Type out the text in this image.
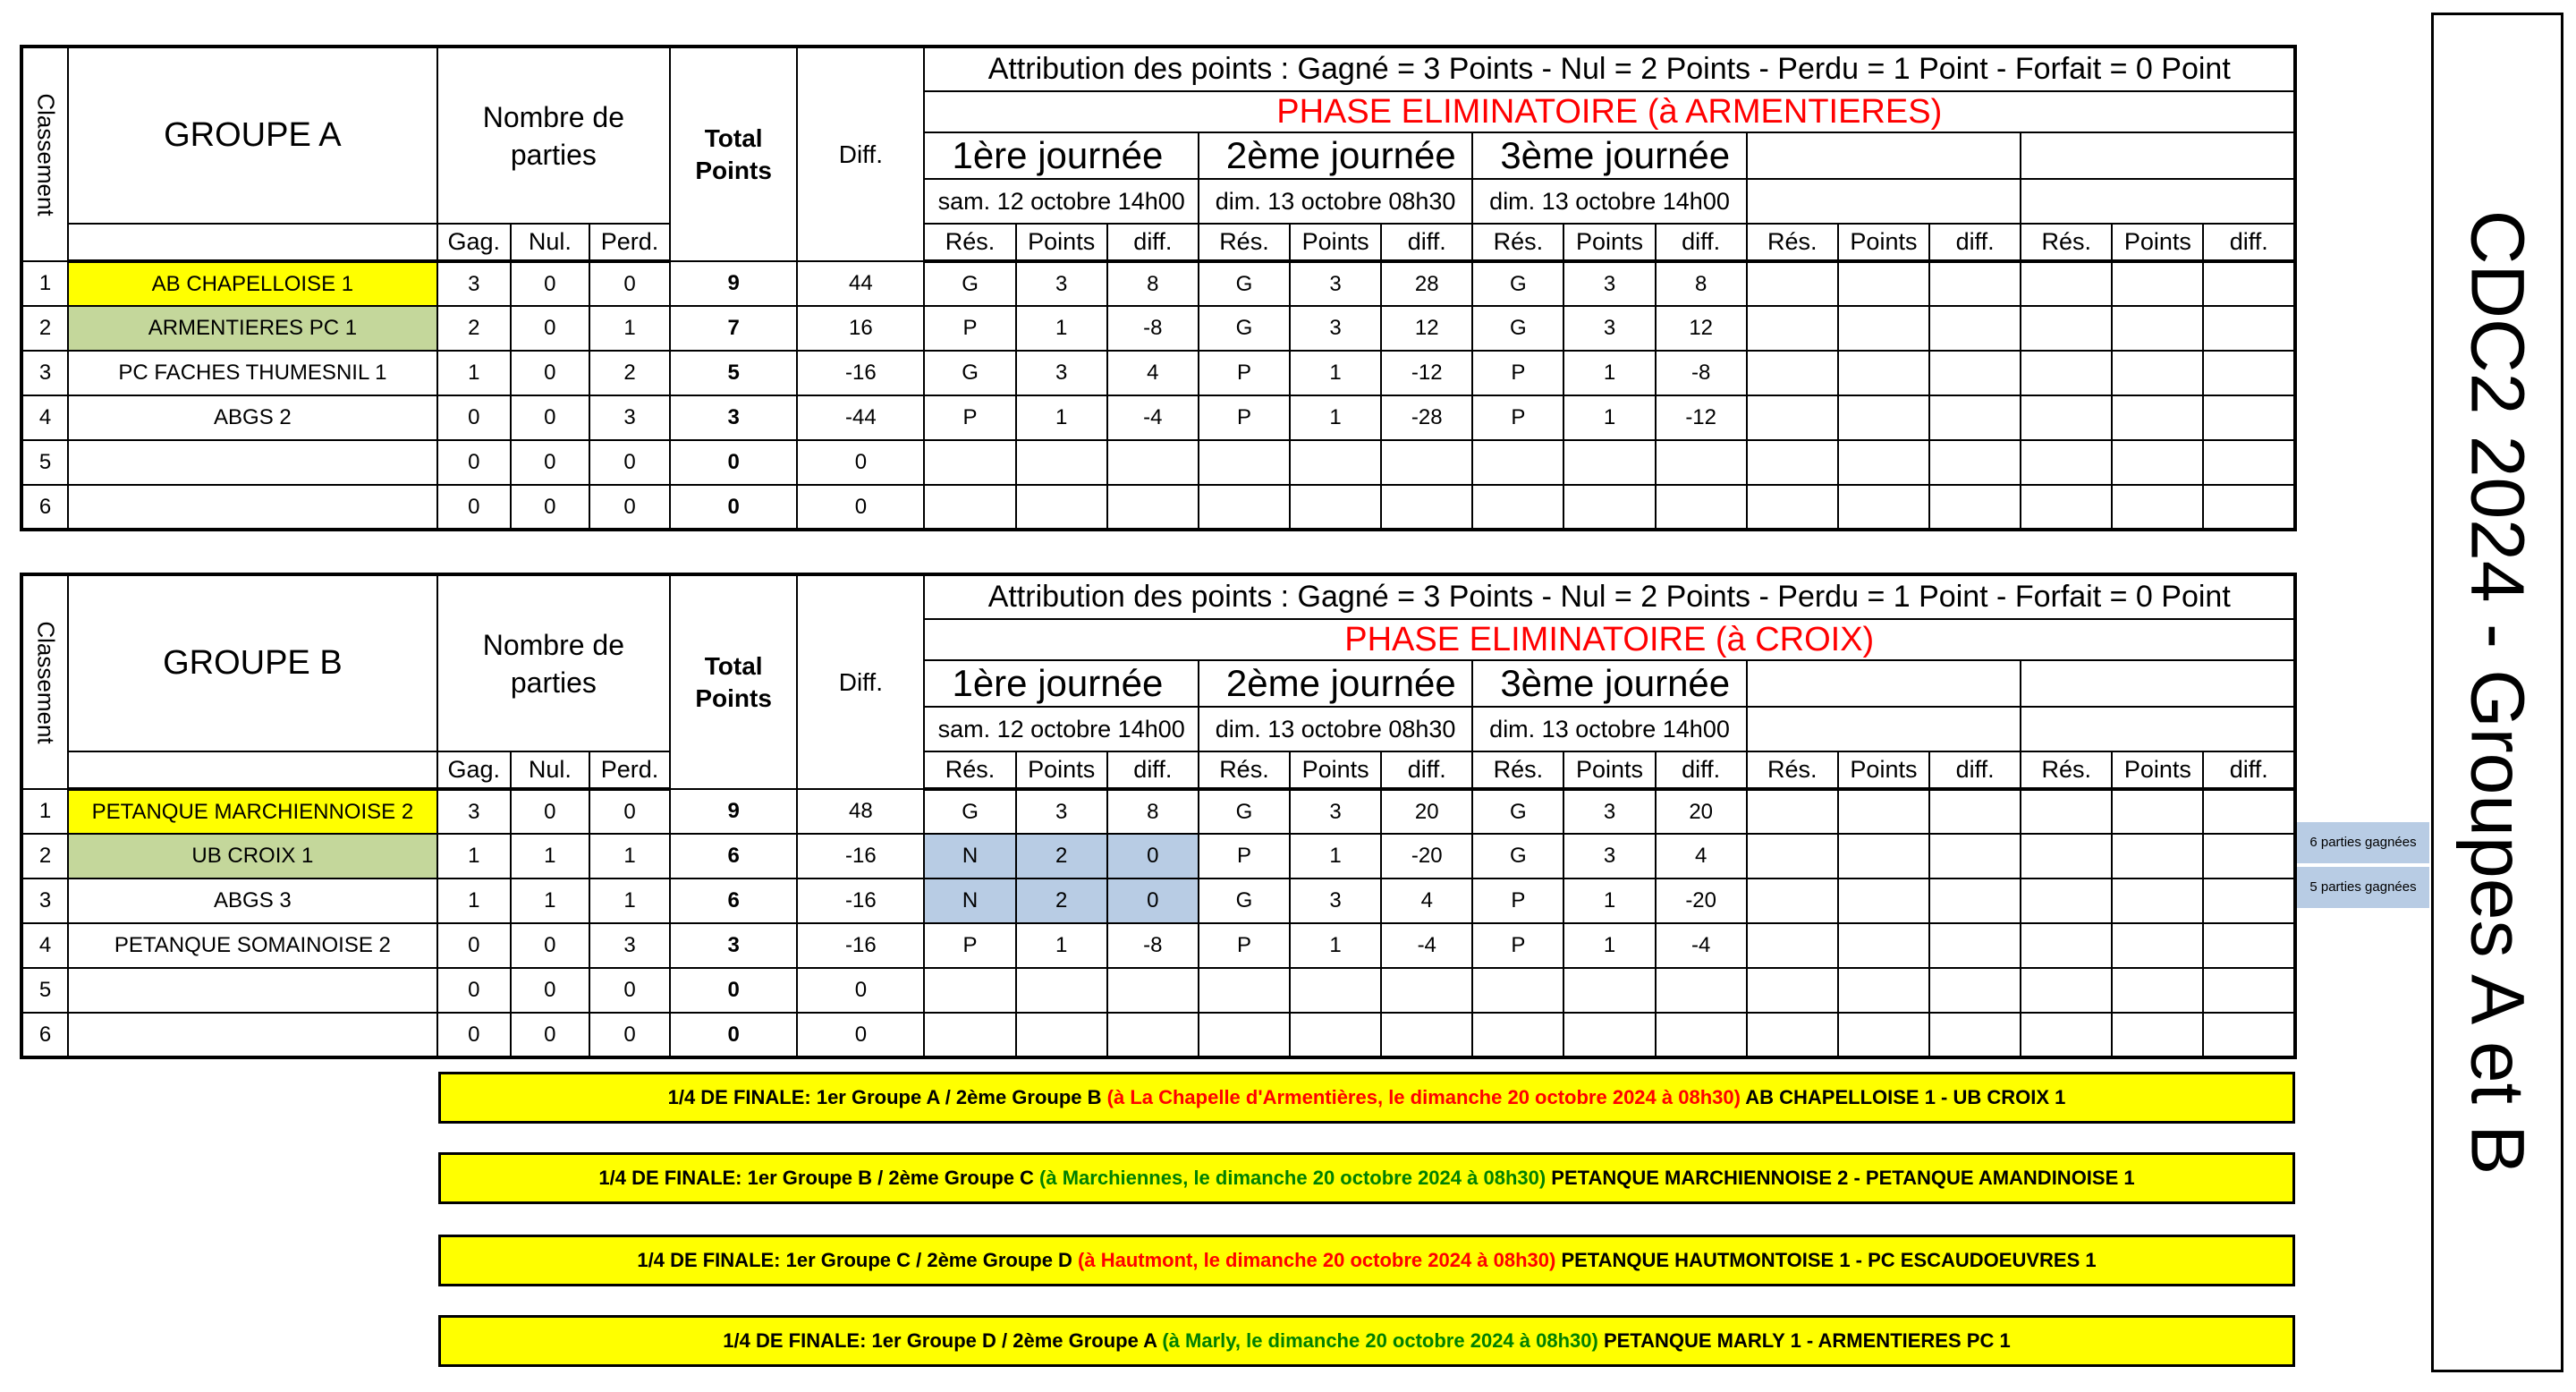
CDC2 2024 - Groupes A et B
Classement	GROUPE A	Nombre de parties			Total Points	Diff.	Attribution des points : Gagné = 3 Points - Nul = 2 Points - Perdu = 1 Point - Forfait = 0 Point														
							PHASE ELIMINATOIRE (à ARMENTIERES)														
							1ère journée			2ème journée			3ème journée								
							sam. 12 octobre 14h00			dim. 13 octobre 08h30			dim. 13 octobre 14h00								
		Gag.	Nul.	Perd.			Rés.	Points	diff.	Rés.	Points	diff.	Rés.	Points	diff.	Rés.	Points	diff.	Rés.	Points	diff.
1	AB CHAPELLOISE 1	3	0	0	9	44	G	3	8	G	3	28	G	3	8						
2	ARMENTIERES PC 1	2	0	1	7	16	P	1	-8	G	3	12	G	3	12						
3	PC FACHES THUMESNIL 1	1	0	2	5	-16	G	3	4	P	1	-12	P	1	-8						
4	ABGS 2	0	0	3	3	-44	P	1	-4	P	1	-28	P	1	-12						
5		0	0	0	0	0															
6		0	0	0	0	0															
Classement	GROUPE B	Nombre de parties			Total Points	Diff.	Attribution des points : Gagné = 3 Points - Nul = 2 Points - Perdu = 1 Point - Forfait = 0 Point														
							PHASE ELIMINATOIRE (à CROIX)														
							1ère journée			2ème journée			3ème journée								
							sam. 12 octobre 14h00			dim. 13 octobre 08h30			dim. 13 octobre 14h00								
		Gag.	Nul.	Perd.			Rés.	Points	diff.	Rés.	Points	diff.	Rés.	Points	diff.	Rés.	Points	diff.	Rés.	Points	diff.
1	PETANQUE MARCHIENNOISE 2	3	0	0	9	48	G	3	8	G	3	20	G	3	20						
2	UB CROIX 1	1	1	1	6	-16	N	2	0	P	1	-20	G	3	4						
3	ABGS 3	1	1	1	6	-16	N	2	0	G	3	4	P	1	-20						
4	PETANQUE SOMAINOISE 2	0	0	3	3	-16	P	1	-8	P	1	-4	P	1	-4						
5		0	0	0	0	0															
6		0	0	0	0	0															
6 parties gagnées
5 parties gagnées
1/4 DE FINALE: 1er Groupe A / 2ème Groupe B (à La Chapelle d'Armentières, le dimanche 20 octobre 2024 à 08h30) AB CHAPELLOISE 1 - UB CROIX 1
1/4 DE FINALE: 1er Groupe B / 2ème Groupe C (à Marchiennes, le dimanche 20 octobre 2024 à 08h30) PETANQUE MARCHIENNOISE 2 - PETANQUE AMANDINOISE 1
1/4 DE FINALE: 1er Groupe C / 2ème Groupe D (à Hautmont, le dimanche 20 octobre 2024 à 08h30) PETANQUE HAUTMONTOISE 1 - PC ESCAUDOEUVRES 1
1/4 DE FINALE: 1er Groupe D / 2ème Groupe A (à Marly, le dimanche 20 octobre 2024 à 08h30) PETANQUE MARLY 1 - ARMENTIERES PC 1
